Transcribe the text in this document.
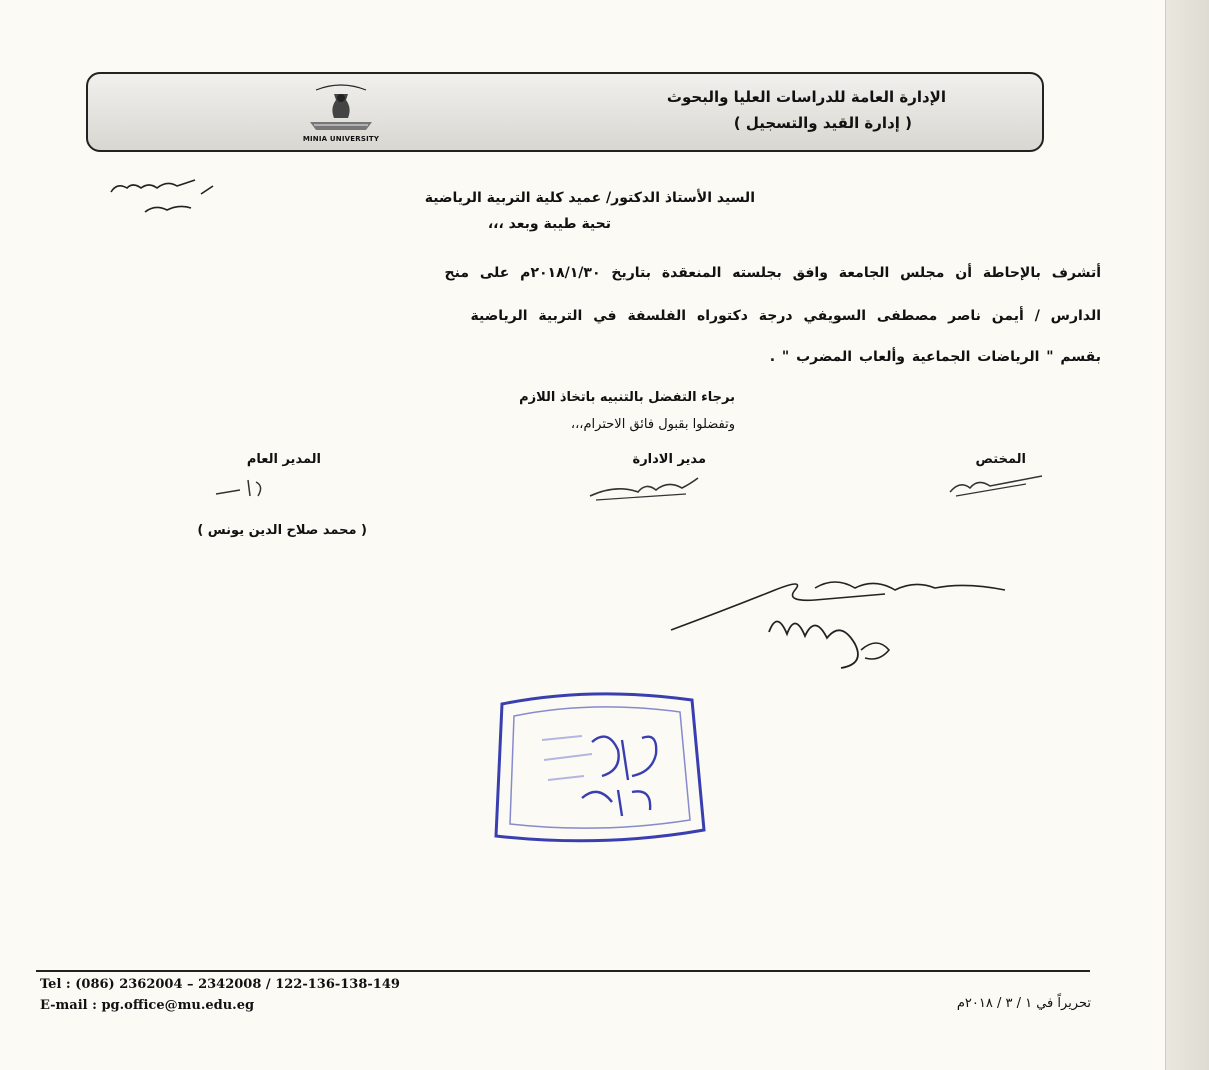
الإدارة العامة للدراسات العليا والبحوث
( إدارة القيد والتسجيل )
MINIA UNIVERSITY
السيد الأستاذ الدكتور/ عميد كلية التربية الرياضية
تحية طيبة وبعد ،،،
أتشرف بالإحاطة أن مجلس الجامعة وافق بجلسته المنعقدة بتاريخ ٢٠١٨/١/٣٠م على منح
الدارس / أيمن ناصر مصطفى السويفي درجة دكتوراه الفلسفة في التربية الرياضية
بقسم " الرياضات الجماعية وألعاب المضرب " .
برجاء التفضل بالتنبيه باتخاذ اللازم
وتفضلوا بقبول فائق الاحترام،،،
المدير العام	مدير الادارة	المختص
( محمد صلاح الدين يونس )
Tel : (086) 2362004 – 2342008 / 122-136-138-149
E-mail : pg.office@mu.edu.eg	تحريراً في ١ / ٣ / ٢٠١٨م
